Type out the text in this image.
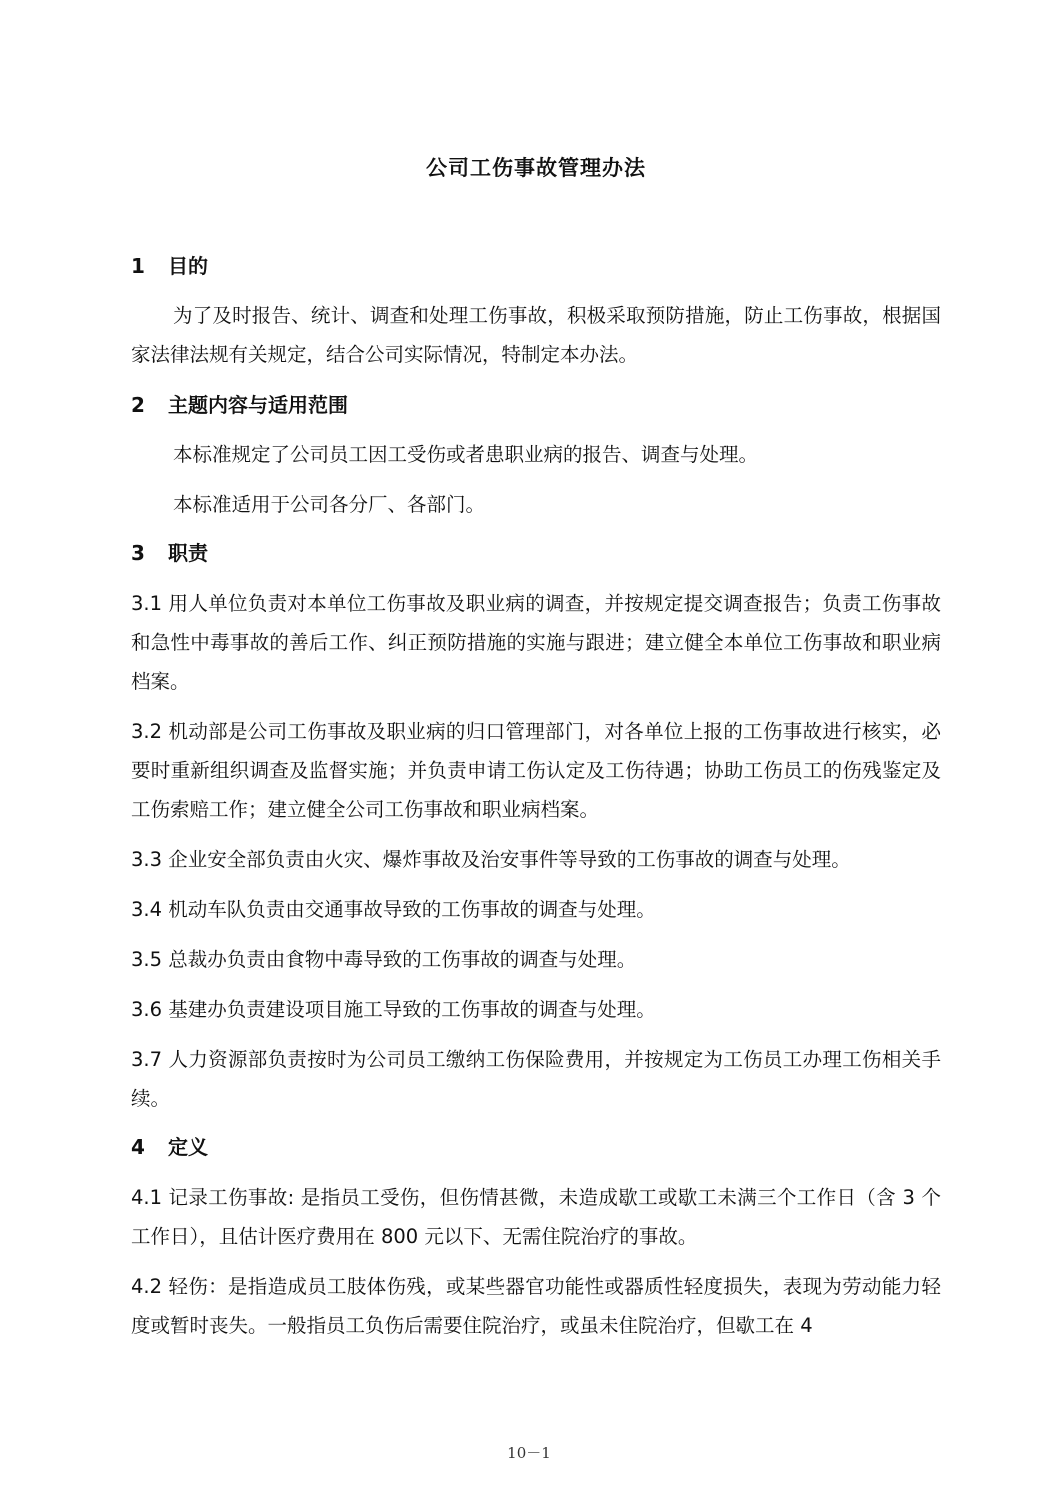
公司工伤事故管理办法
1 目的
为了及时报告、统计、调查和处理工伤事故，积极采取预防措施，防止工伤事故，根据国家法律法规有关规定，结合公司实际情况，特制定本办法。
2 主题内容与适用范围
本标准规定了公司员工因工受伤或者患职业病的报告、调查与处理。
本标准适用于公司各分厂、各部门。
3 职责
3.1 用人单位负责对本单位工伤事故及职业病的调查，并按规定提交调查报告；负责工伤事故和急性中毒事故的善后工作、纠正预防措施的实施与跟进；建立健全本单位工伤事故和职业病档案。
3.2 机动部是公司工伤事故及职业病的归口管理部门，对各单位上报的工伤事故进行核实，必要时重新组织调查及监督实施；并负责申请工伤认定及工伤待遇；协助工伤员工的伤残鉴定及工伤索赔工作；建立健全公司工伤事故和职业病档案。
3.3 企业安全部负责由火灾、爆炸事故及治安事件等导致的工伤事故的调查与处理。
3.4 机动车队负责由交通事故导致的工伤事故的调查与处理。
3.5 总裁办负责由食物中毒导致的工伤事故的调查与处理。
3.6 基建办负责建设项目施工导致的工伤事故的调查与处理。
3.7 人力资源部负责按时为公司员工缴纳工伤保险费用，并按规定为工伤员工办理工伤相关手续。
4 定义
4.1 记录工伤事故: 是指员工受伤，但伤情甚微，未造成歇工或歇工未满三个工作日（含 3 个工作日），且估计医疗费用在 800 元以下、无需住院治疗的事故。
4.2 轻伤：是指造成员工肢体伤残，或某些器官功能性或器质性轻度损失，表现为劳动能力轻度或暂时丧失。一般指员工负伤后需要住院治疗，或虽未住院治疗，但歇工在 4
10－1
